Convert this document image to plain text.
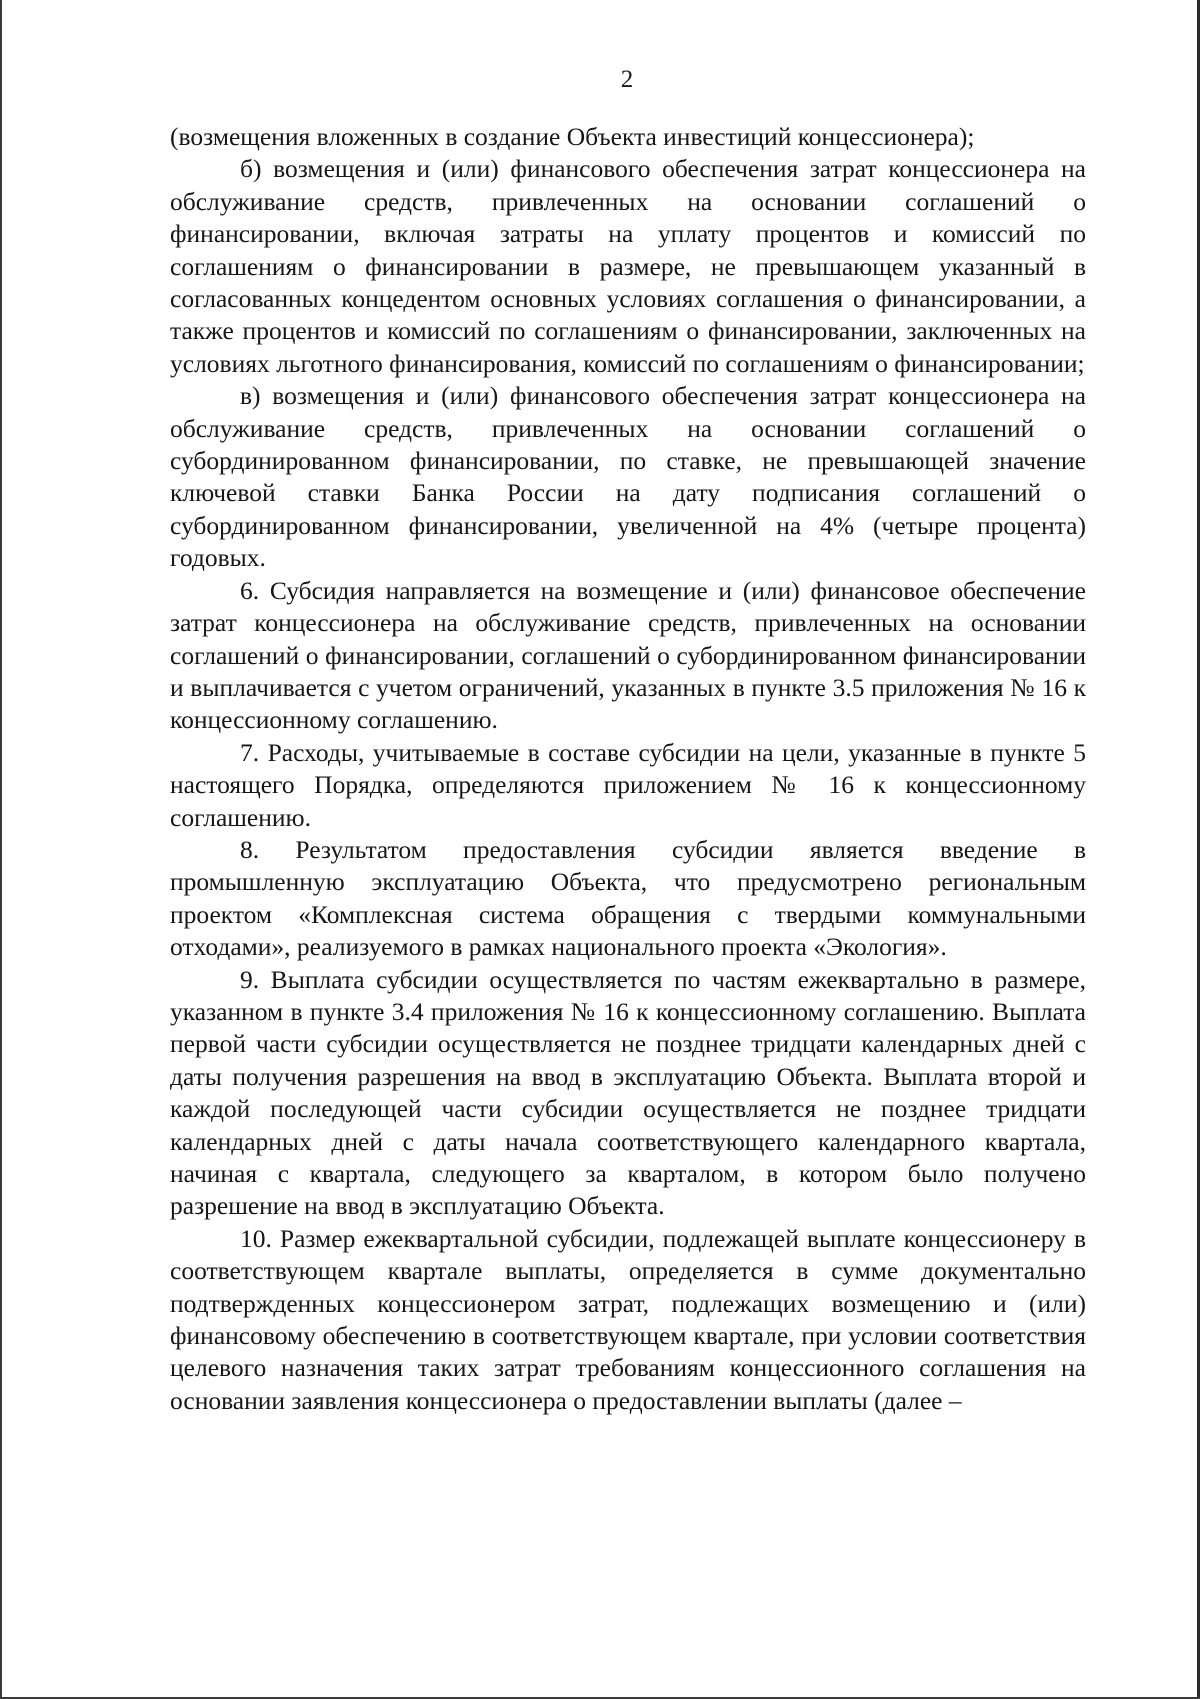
2

(возмещения вложенных в создание Объекта инвестиций концессионера);

б) возмещения и (или) финансового обеспечения затрат концессионера на обслуживание средств, привлеченных на основании соглашений о финансировании, включая затраты на уплату процентов и комиссий по соглашениям о финансировании в размере, не превышающем указанный в согласованных концедентом основных условиях соглашения о финансировании, а также процентов и комиссий по соглашениям о финансировании, заключенных на условиях льготного финансирования, комиссий по соглашениям о финансировании;

в) возмещения и (или) финансового обеспечения затрат концессионера на обслуживание средств, привлеченных на основании соглашений о субординированном финансировании, по ставке, не превышающей значение ключевой ставки Банка России на дату подписания соглашений о субординированном финансировании, увеличенной на 4% (четыре процента) годовых.

6. Субсидия направляется на возмещение и (или) финансовое обеспечение затрат концессионера на обслуживание средств, привлеченных на основании соглашений о финансировании, соглашений о субординированном финансировании и выплачивается с учетом ограничений, указанных в пункте 3.5 приложения № 16 к концессионному соглашению.

7. Расходы, учитываемые в составе субсидии на цели, указанные в пункте 5 настоящего Порядка, определяются приложением № 16 к концессионному соглашению.

8. Результатом предоставления субсидии является введение в промышленную эксплуатацию Объекта, что предусмотрено региональным проектом «Комплексная система обращения с твердыми коммунальными отходами», реализуемого в рамках национального проекта «Экология».

9. Выплата субсидии осуществляется по частям ежеквартально в размере, указанном в пункте 3.4 приложения № 16 к концессионному соглашению. Выплата первой части субсидии осуществляется не позднее тридцати календарных дней с даты получения разрешения на ввод в эксплуатацию Объекта. Выплата второй и каждой последующей части субсидии осуществляется не позднее тридцати календарных дней с даты начала соответствующего календарного квартала, начиная с квартала, следующего за кварталом, в котором было получено разрешение на ввод в эксплуатацию Объекта.

10. Размер ежеквартальной субсидии, подлежащей выплате концессионеру в соответствующем квартале выплаты, определяется в сумме документально подтвержденных концессионером затрат, подлежащих возмещению и (или) финансовому обеспечению в соответствующем квартале, при условии соответствия целевого назначения таких затрат требованиям концессионного соглашения на основании заявления концессионера о предоставлении выплаты (далее –
